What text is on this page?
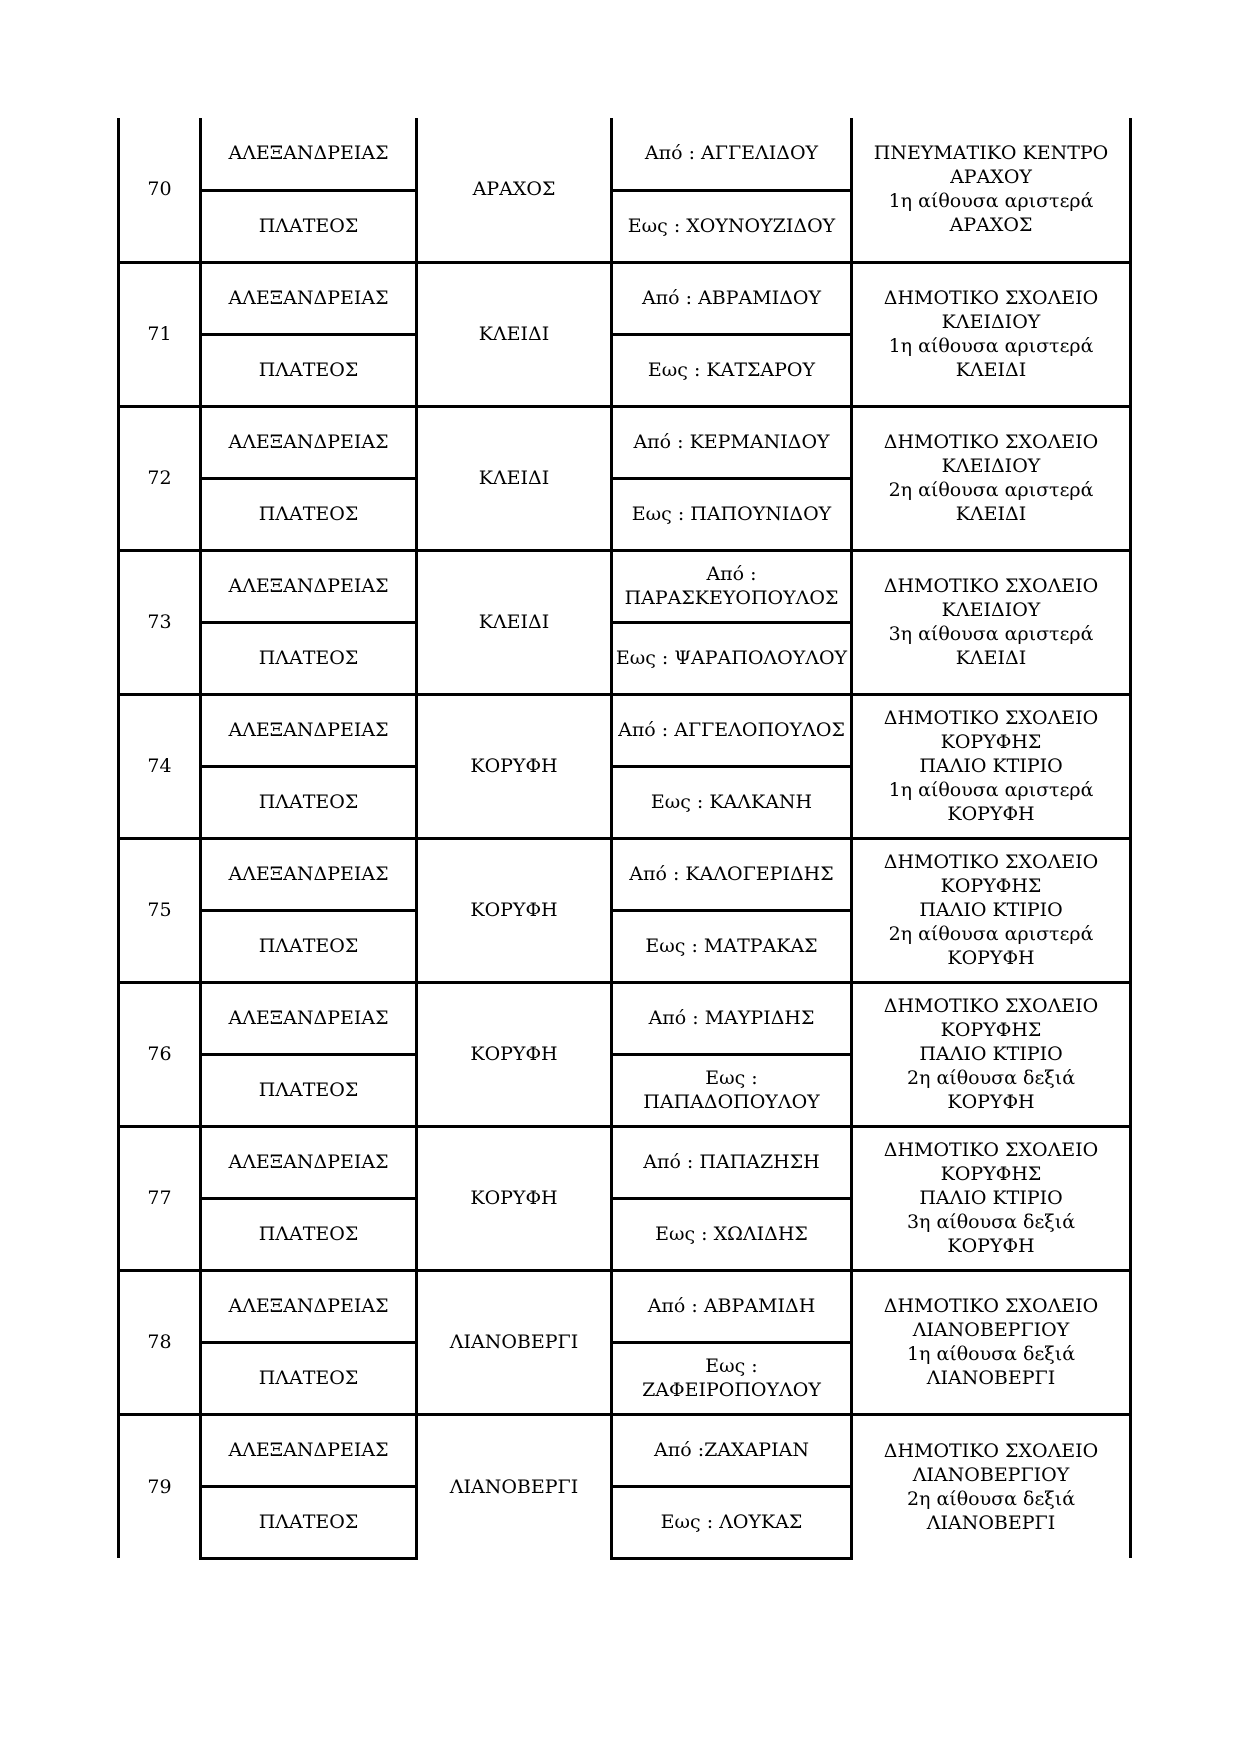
70	ΑΛΕΞΑΝΔΡΕΙΑΣ	ΑΡΑΧΟΣ	Από : ΑΓΓΕΛΙΔΟΥ	ΠΝΕΥΜΑΤΙΚΟ ΚΕΝΤΡΟ
ΑΡΑΧΟΥ
1η αίθουσα αριστερά
ΑΡΑΧΟΣ
	ΠΛΑΤΕΟΣ		Εως : ΧΟΥΝΟΥΖΙΔΟΥ	
71	ΑΛΕΞΑΝΔΡΕΙΑΣ	ΚΛΕΙΔΙ	Από : ΑΒΡΑΜΙΔΟΥ	ΔΗΜΟΤΙΚΟ ΣΧΟΛΕΙΟ
ΚΛΕΙΔΙΟΥ
1η αίθουσα αριστερά
ΚΛΕΙΔΙ
	ΠΛΑΤΕΟΣ		Εως : ΚΑΤΣΑΡΟΥ	
72	ΑΛΕΞΑΝΔΡΕΙΑΣ	ΚΛΕΙΔΙ	Από : ΚΕΡΜΑΝΙΔΟΥ	ΔΗΜΟΤΙΚΟ ΣΧΟΛΕΙΟ
ΚΛΕΙΔΙΟΥ
2η αίθουσα αριστερά
ΚΛΕΙΔΙ
	ΠΛΑΤΕΟΣ		Εως : ΠΑΠΟΥΝΙΔΟΥ	
73	ΑΛΕΞΑΝΔΡΕΙΑΣ	ΚΛΕΙΔΙ	Από : ΠΑΡΑΣΚΕΥΟΠΟΥΛΟΣ	ΔΗΜΟΤΙΚΟ ΣΧΟΛΕΙΟ
ΚΛΕΙΔΙΟΥ
3η αίθουσα αριστερά
ΚΛΕΙΔΙ
	ΠΛΑΤΕΟΣ		Εως : ΨΑΡΑΠΟΛΟΥΛΟΥ	
74	ΑΛΕΞΑΝΔΡΕΙΑΣ	ΚΟΡΥΦΗ	Από : ΑΓΓΕΛΟΠΟΥΛΟΣ	ΔΗΜΟΤΙΚΟ ΣΧΟΛΕΙΟ
ΚΟΡΥΦΗΣ
ΠΑΛΙΟ ΚΤΙΡΙΟ
1η αίθουσα αριστερά
ΚΟΡΥΦΗ
	ΠΛΑΤΕΟΣ		Εως : ΚΑΛΚΑΝΗ	
75	ΑΛΕΞΑΝΔΡΕΙΑΣ	ΚΟΡΥΦΗ	Από : ΚΑΛΟΓΕΡΙΔΗΣ	ΔΗΜΟΤΙΚΟ ΣΧΟΛΕΙΟ
ΚΟΡΥΦΗΣ
ΠΑΛΙΟ ΚΤΙΡΙΟ
2η αίθουσα αριστερά
ΚΟΡΥΦΗ
	ΠΛΑΤΕΟΣ		Εως : ΜΑΤΡΑΚΑΣ	
76	ΑΛΕΞΑΝΔΡΕΙΑΣ	ΚΟΡΥΦΗ	Από : ΜΑΥΡΙΔΗΣ	ΔΗΜΟΤΙΚΟ ΣΧΟΛΕΙΟ
ΚΟΡΥΦΗΣ
ΠΑΛΙΟ ΚΤΙΡΙΟ
2η αίθουσα δεξιά
ΚΟΡΥΦΗ
	ΠΛΑΤΕΟΣ		Εως : ΠΑΠΑΔΟΠΟΥΛΟΥ	
77	ΑΛΕΞΑΝΔΡΕΙΑΣ	ΚΟΡΥΦΗ	Από : ΠΑΠΑΖΗΣΗ	ΔΗΜΟΤΙΚΟ ΣΧΟΛΕΙΟ
ΚΟΡΥΦΗΣ
ΠΑΛΙΟ ΚΤΙΡΙΟ
3η αίθουσα δεξιά
ΚΟΡΥΦΗ
	ΠΛΑΤΕΟΣ		Εως : ΧΩΛΙΔΗΣ	
78	ΑΛΕΞΑΝΔΡΕΙΑΣ	ΛΙΑΝΟΒΕΡΓΙ	Από : ΑΒΡΑΜΙΔΗ	ΔΗΜΟΤΙΚΟ ΣΧΟΛΕΙΟ
ΛΙΑΝΟΒΕΡΓΙΟΥ
1η αίθουσα δεξιά
ΛΙΑΝΟΒΕΡΓΙ
	ΠΛΑΤΕΟΣ		Εως : ΖΑΦΕΙΡΟΠΟΥΛΟΥ	
79	ΑΛΕΞΑΝΔΡΕΙΑΣ	ΛΙΑΝΟΒΕΡΓΙ	Από :ΖΑΧΑΡΙΑΝ	ΔΗΜΟΤΙΚΟ ΣΧΟΛΕΙΟ
ΛΙΑΝΟΒΕΡΓΙΟΥ
2η αίθουσα δεξιά
ΛΙΑΝΟΒΕΡΓΙ
	ΠΛΑΤΕΟΣ		Εως : ΛΟΥΚΑΣ	
